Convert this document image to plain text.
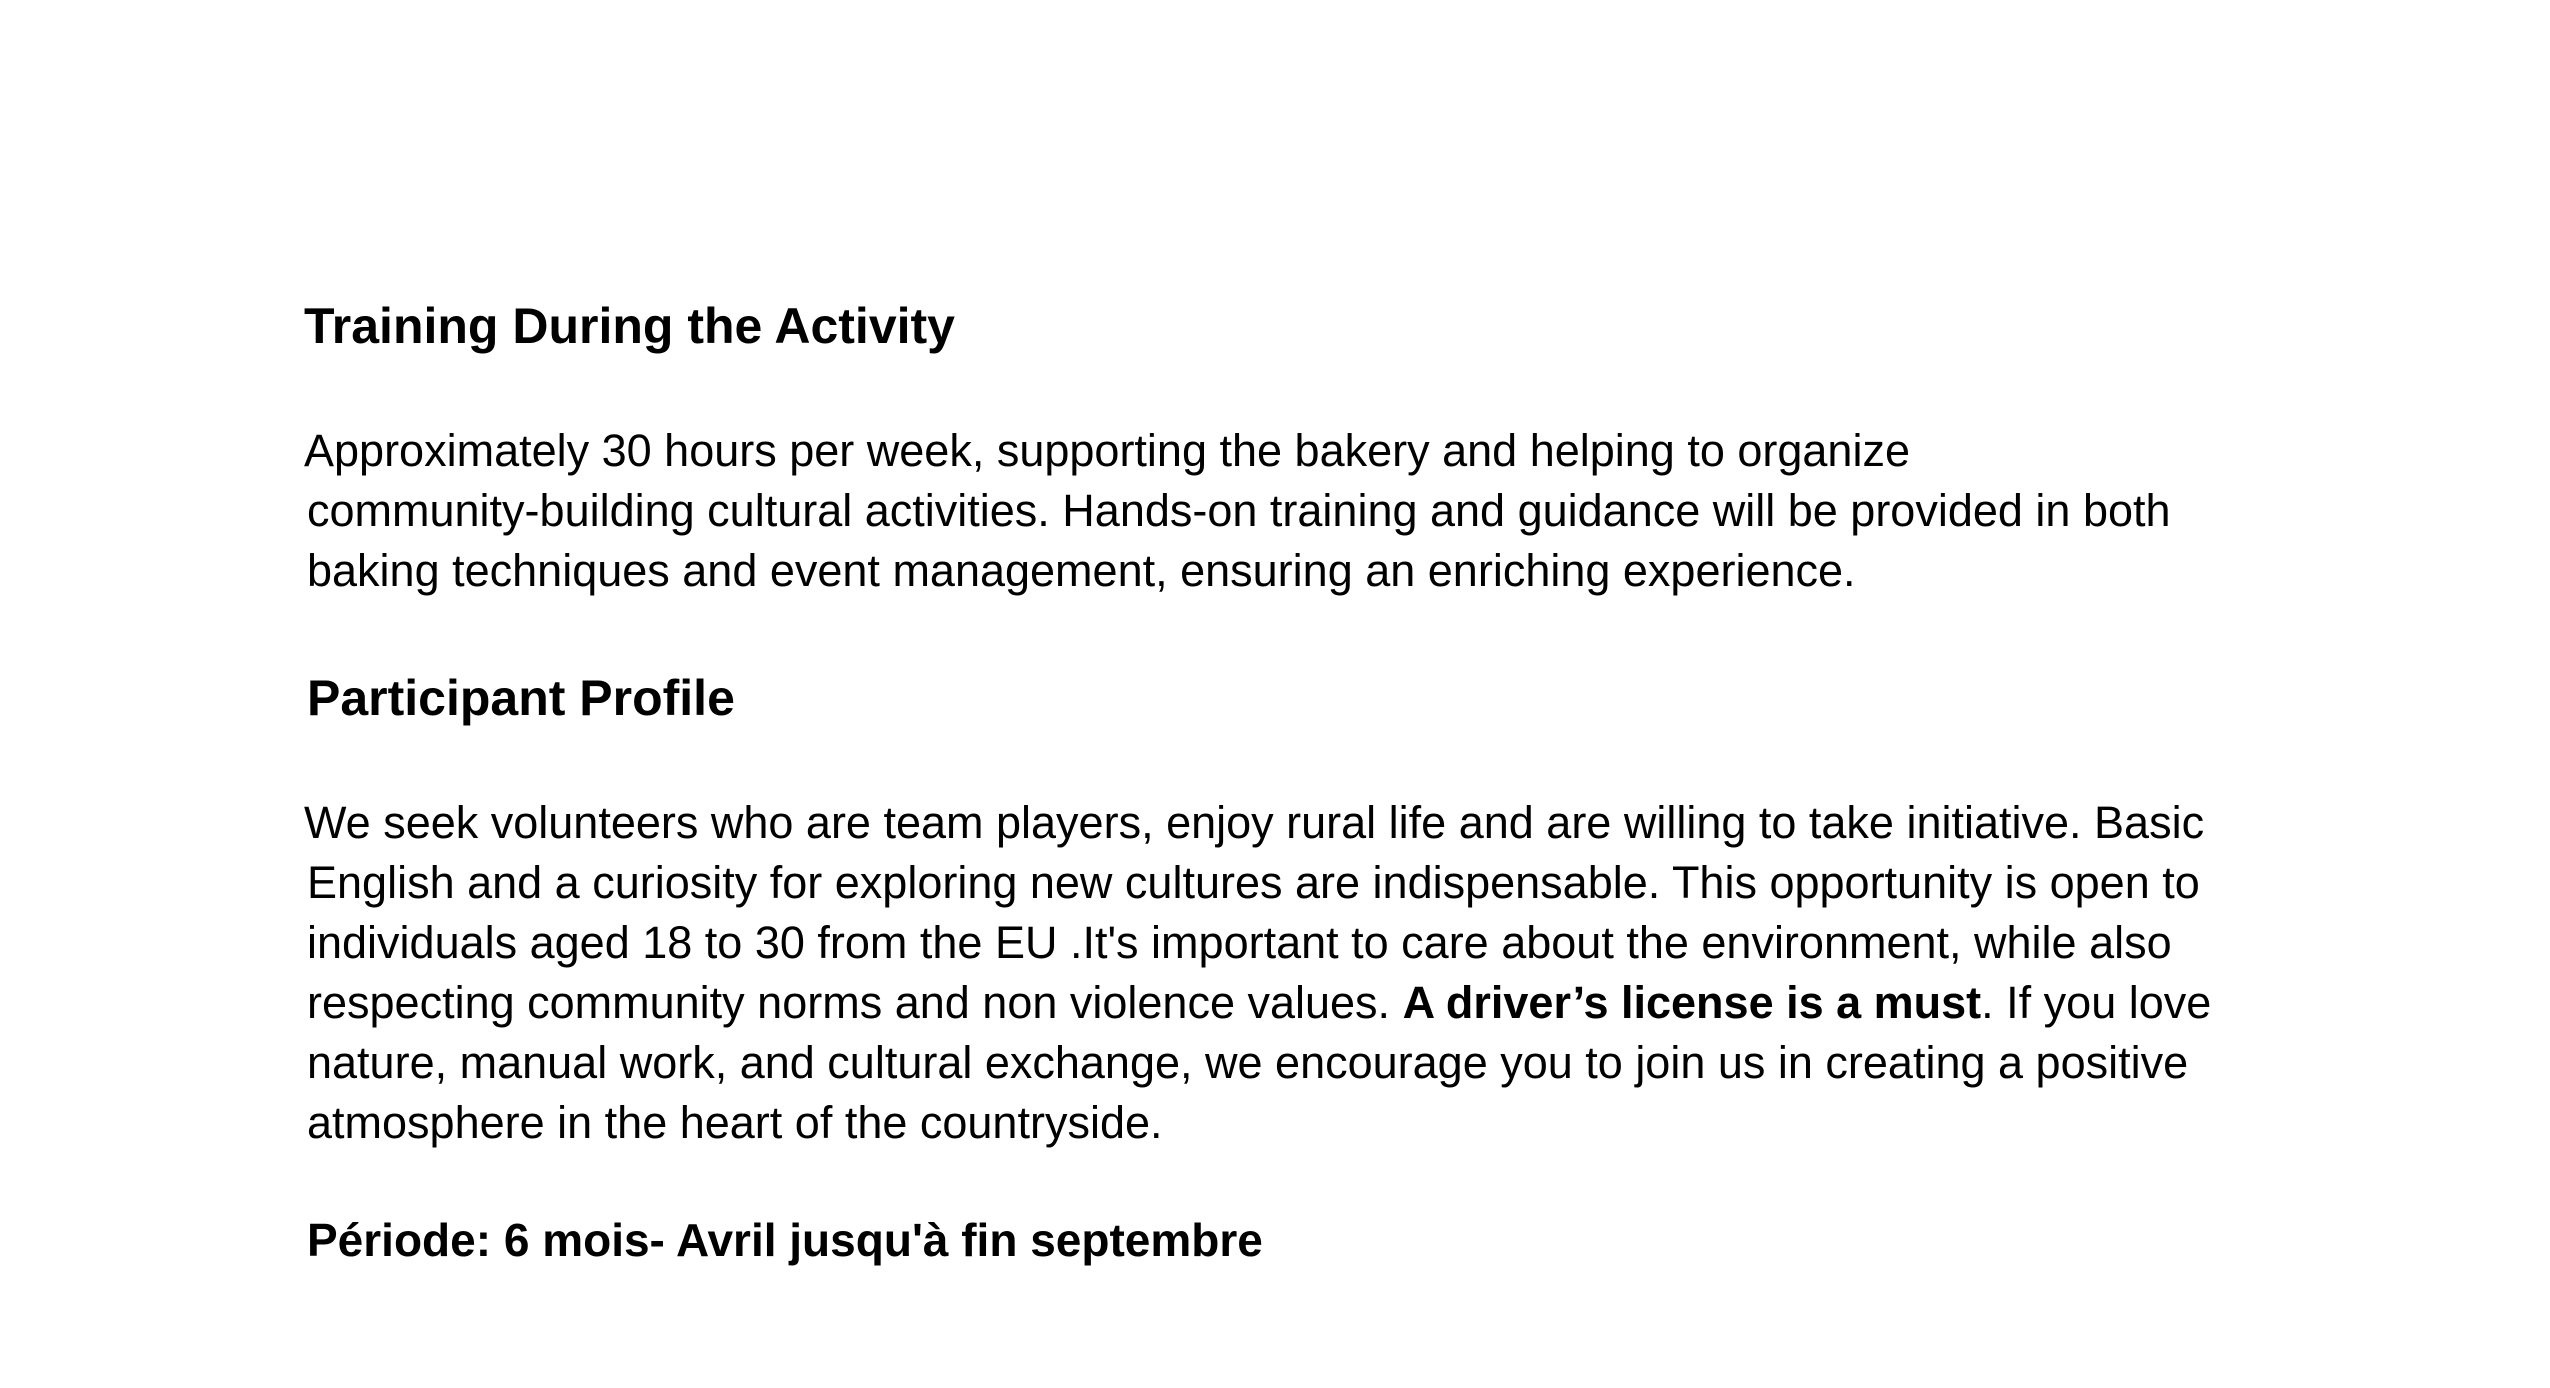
Training During the Activity

Approximately 30 hours per week, supporting the bakery and helping to organize
community-building cultural activities. Hands-on training and guidance will be provided in both
baking techniques and event management, ensuring an enriching experience.

Participant Profile

We seek volunteers who are team players, enjoy rural life and are willing to take initiative. Basic
English and a curiosity for exploring new cultures are indispensable. This opportunity is open to
individuals aged 18 to 30 from the EU .It's important to care about the environment, while also
respecting community norms and non violence values. A driver’s license is a must. If you love
nature, manual work, and cultural exchange, we encourage you to join us in creating a positive
atmosphere in the heart of the countryside.

Période: 6 mois- Avril jusqu'à fin septembre
